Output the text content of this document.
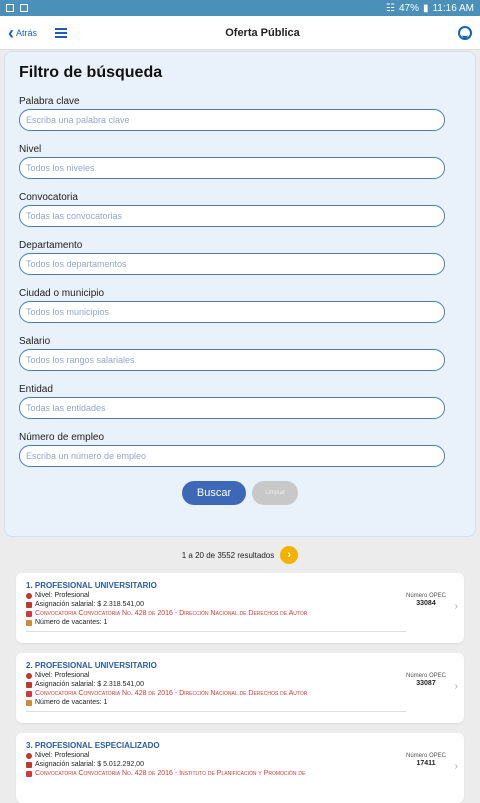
☷ 47% ▮ 11:16 AM
‹ Atrás	Oferta Pública
Filtro de búsqueda
Palabra clave
Escriba una palabra clave
Nivel
Todos los niveles
Convocatoria
Todas las convocatorias
Departamento
Todos los departamentos
Ciudad o municipio
Todos los municipios
Salario
Todos los rangos salariales
Entidad
Todas las entidades
Número de empleo
Escriba un número de empleo
Buscar	Limpiar
1 a 20 de 3552 resultados	›
1. PROFESIONAL UNIVERSITARIO
Nivel: Profesional
Asignación salarial: $ 2.318.541,00
Convocatoria Convocatoria No. 428 de 2016 - Dirección Nacional de Derechos de Autor
Número de vacantes: 1
Número OPEC
33084	›
2. PROFESIONAL UNIVERSITARIO
Nivel: Profesional
Asignación salarial: $ 2.318.541,00
Convocatoria Convocatoria No. 428 de 2016 - Dirección Nacional de Derechos de Autor
Número de vacantes: 1
Número OPEC
33087	›
3. PROFESIONAL ESPECIALIZADO
Nivel: Profesional
Asignación salarial: $ 5.012.292,00
Convocatoria Convocatoria No. 428 de 2016 - Instituto de Planificación y Promoción de
Número OPEC
17411	›
